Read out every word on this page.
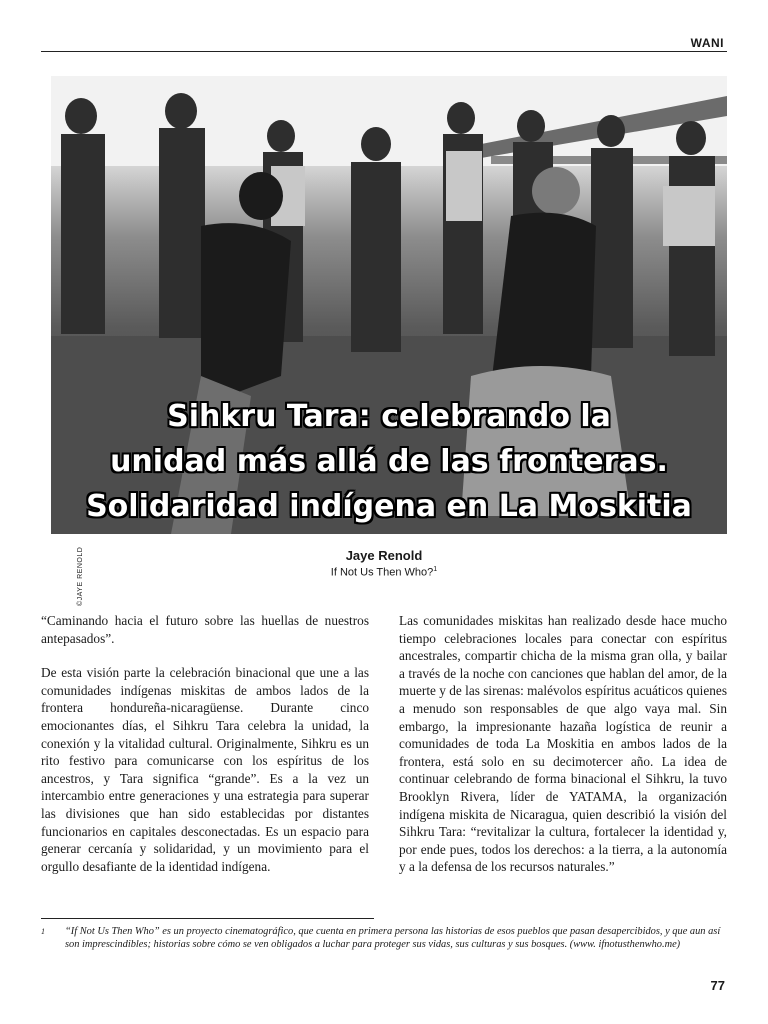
WANI
©JAYE RENOLD
Sihkru Tara: celebrando la
unidad más allá de las fronteras.
Solidaridad indígena en La Moskitia
Jaye Renold
If Not Us Then Who?$^1$

“Caminando hacia el futuro sobre las huellas de nuestros antepasados”.

De esta visión parte la celebración binacional que une a las comunidades indígenas miskitas de ambos lados de la frontera hondureña-nicaragüense. Durante cinco emocionantes días, el Sihkru Tara celebra la unidad, la conexión y la vitalidad cultural. Originalmente, Sihkru es un rito festivo para comunicarse con los espíritus de los ancestros, y Tara significa “grande”. Es a la vez un intercambio entre generaciones y una estrategia para superar las divisiones que han sido establecidas por distantes funcionarios en capitales desconectadas. Es un espacio para generar cercanía y solidaridad, y un movimiento para el orgullo desafiante de la identidad indígena.

Las comunidades miskitas han realizado desde hace mucho tiempo celebraciones locales para conectar con espíritus ancestrales, compartir chicha de la misma gran olla, y bailar a través de la noche con canciones que hablan del amor, de la muerte y de las sirenas: malévolos espíritus acuáticos quienes a menudo son responsables de que algo vaya mal. Sin embargo, la impresionante hazaña logística de reunir a comunidades de toda La Moskitia en ambos lados de la frontera, está solo en su decimotercer año. La idea de continuar celebrando de forma binacional el Sihkru, la tuvo Brooklyn Rivera, líder de YATAMA, la organización indígena miskita de Nicaragua, quien describió la visión del Sihkru Tara: “revitalizar la cultura, fortalecer la identidad y, por ende pues, todos los derechos: a la tierra, a la autonomía y a la defensa de los recursos naturales.”

1 “If Not Us Then Who” es un proyecto cinematográfico, que cuenta en primera persona las historias de esos pueblos que pasan desapercibidos, y que aun así son imprescindibles; historias sobre cómo se ven obligados a luchar para proteger sus vidas, sus culturas y sus bosques. (www. ifnotusthenwho.me)
77
